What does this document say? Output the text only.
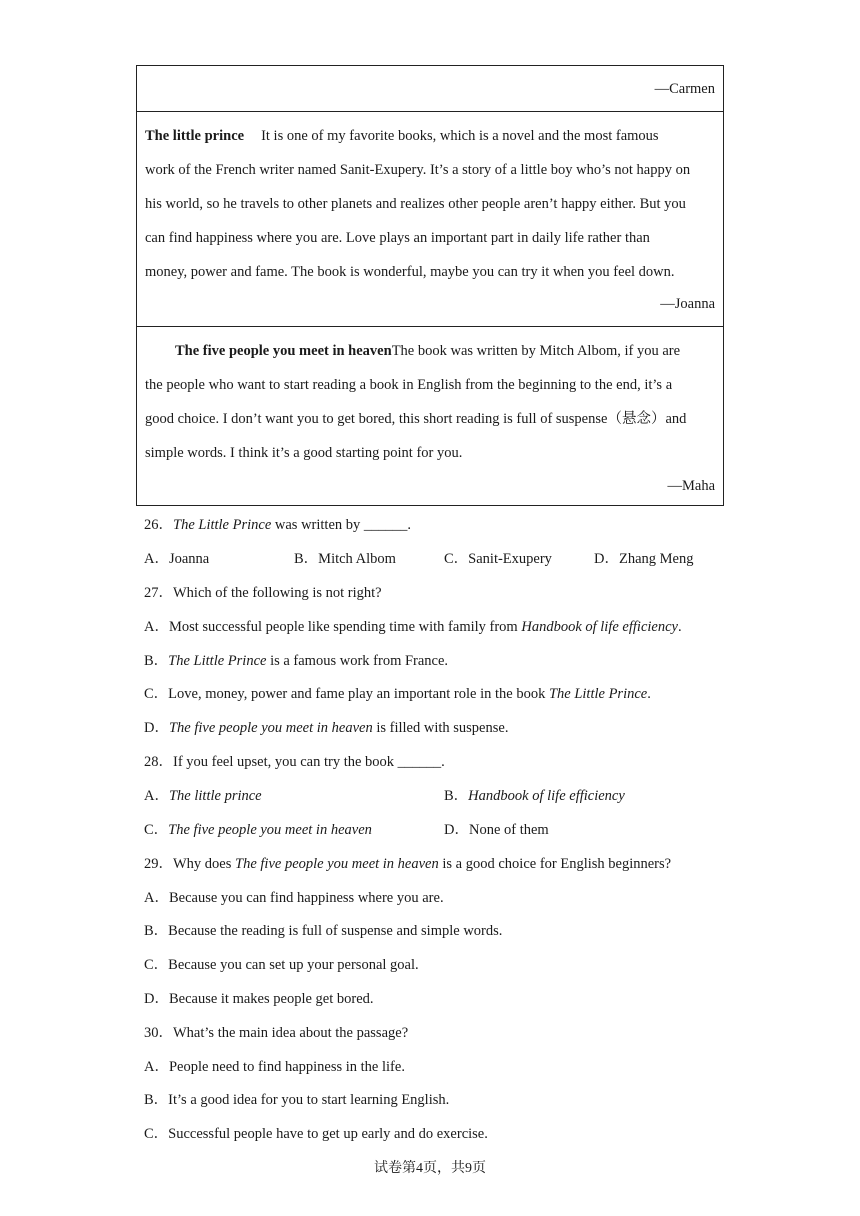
—Carmen
The little prince It is one of my favorite books, which is a novel and the most famous
work of the French writer named Sanit-Exupery. It’s a story of a little boy who’s not happy on
his world, so he travels to other planets and realizes other people aren’t happy either. But you
can find happiness where you are. Love plays an important part in daily life rather than
money, power and fame. The book is wonderful, maybe you can try it when you feel down.
—Joanna
The five people you meet in heavenThe book was written by Mitch Albom, if you are
the people who want to start reading a book in English from the beginning to the end, it’s a
good choice. I don’t want you to get bored, this short reading is full of suspense（悬念）and
simple words. I think it’s a good starting point for you.
—Maha
26．The Little Prince was written by ______.
A．Joanna	B．Mitch Albom	C．Sanit-Exupery	D．Zhang Meng
27．Which of the following is not right?
A．Most successful people like spending time with family from Handbook of life efficiency.
B．The Little Prince is a famous work from France.
C．Love, money, power and fame play an important role in the book The Little Prince.
D．The five people you meet in heaven is filled with suspense.
28．If you feel upset, you can try the book ______.
A．The little prince	B．Handbook of life efficiency
C．The five people you meet in heaven	D．None of them
29．Why does The five people you meet in heaven is a good choice for English beginners?
A．Because you can find happiness where you are.
B．Because the reading is full of suspense and simple words.
C．Because you can set up your personal goal.
D．Because it makes people get bored.
30．What’s the main idea about the passage?
A．People need to find happiness in the life.
B．It’s a good idea for you to start learning English.
C．Successful people have to get up early and do exercise.
试卷第4页，共9页
